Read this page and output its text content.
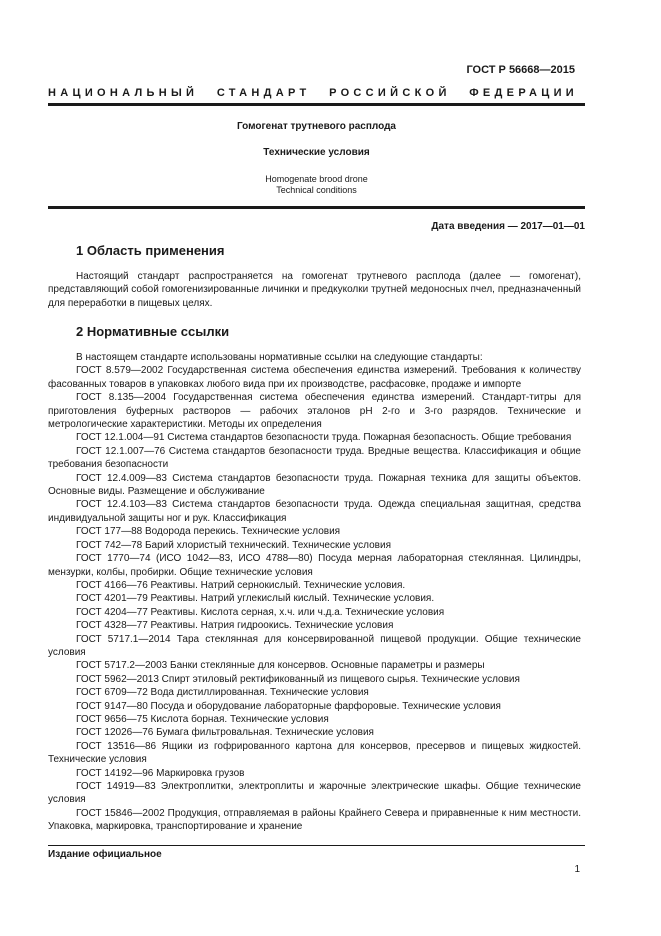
ГОСТ Р 56668—2015
НАЦИОНАЛЬНЫЙ СТАНДАРТ РОССИЙСКОЙ ФЕДЕРАЦИИ
Гомогенат трутневого расплода
Технические условия
Homogenate brood drone
Technical conditions
Дата введения — 2017—01—01
1 Область применения

Настоящий стандарт распространяется на гомогенат трутневого расплода (далее — гомогенат), представляющий собой гомогенизированные личинки и предкуколки трутней медоносных пчел, предназначенный для переработки в пищевых целях.

2 Нормативные ссылки

В настоящем стандарте использованы нормативные ссылки на следующие стандарты:

ГОСТ 8.579—2002 Государственная система обеспечения единства измерений. Требования к количеству фасованных товаров в упаковках любого вида при их производстве, расфасовке, продаже и импорте

ГОСТ 8.135—2004 Государственная система обеспечения единства измерений. Стандарт-титры для приготовления буферных растворов — рабочих эталонов рН 2-го и 3-го разрядов. Технические и метрологические характеристики. Методы их определения

ГОСТ 12.1.004—91 Система стандартов безопасности труда. Пожарная безопасность. Общие требования

ГОСТ 12.1.007—76 Система стандартов безопасности труда. Вредные вещества. Классификация и общие требования безопасности

ГОСТ 12.4.009—83 Система стандартов безопасности труда. Пожарная техника для защиты объектов. Основные виды. Размещение и обслуживание

ГОСТ 12.4.103—83 Система стандартов безопасности труда. Одежда специальная защитная, средства индивидуальной защиты ног и рук. Классификация

ГОСТ 177—88 Водорода перекись. Технические условия

ГОСТ 742—78 Барий хлористый технический. Технические условия

ГОСТ 1770—74 (ИСО 1042—83, ИСО 4788—80) Посуда мерная лабораторная стеклянная. Цилиндры, мензурки, колбы, пробирки. Общие технические условия

ГОСТ 4166—76 Реактивы. Натрий сернокислый. Технические условия.

ГОСТ 4201—79 Реактивы. Натрий углекислый кислый. Технические условия.

ГОСТ 4204—77 Реактивы. Кислота серная, х.ч. или ч.д.а. Технические условия

ГОСТ 4328—77 Реактивы. Натрия гидроокись. Технические условия

ГОСТ 5717.1—2014 Тара стеклянная для консервированной пищевой продукции. Общие технические условия

ГОСТ 5717.2—2003 Банки стеклянные для консервов. Основные параметры и размеры

ГОСТ 5962—2013 Спирт этиловый ректификованный из пищевого сырья. Технические условия

ГОСТ 6709—72 Вода дистиллированная. Технические условия

ГОСТ 9147—80 Посуда и оборудование лабораторные фарфоровые. Технические условия

ГОСТ 9656—75 Кислота борная. Технические условия

ГОСТ 12026—76 Бумага фильтровальная. Технические условия

ГОСТ 13516—86 Ящики из гофрированного картона для консервов, пресервов и пищевых жидкостей. Технические условия

ГОСТ 14192—96 Маркировка грузов

ГОСТ 14919—83 Электроплитки, электроплиты и жарочные электрические шкафы. Общие технические условия

ГОСТ 15846—2002 Продукция, отправляемая в районы Крайнего Севера и приравненные к ним местности. Упаковка, маркировка, транспортирование и хранение

Издание официальное
1
